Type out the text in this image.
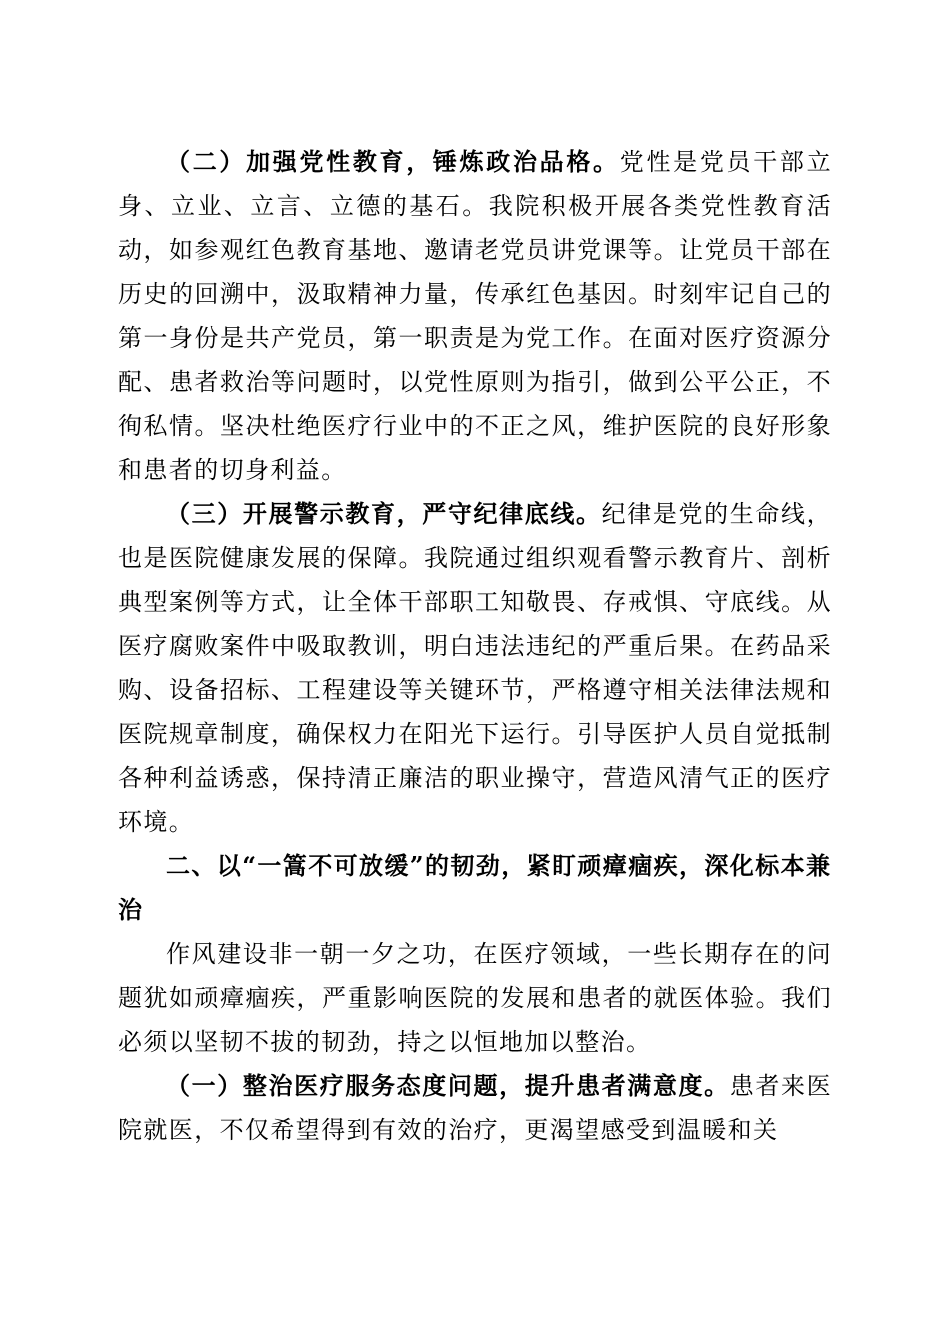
（二）加强党性教育，锤炼政治品格。党性是党员干部立身、立业、立言、立德的基石。我院积极开展各类党性教育活动，如参观红色教育基地、邀请老党员讲党课等。让党员干部在历史的回溯中，汲取精神力量，传承红色基因。时刻牢记自己的第一身份是共产党员，第一职责是为党工作。在面对医疗资源分配、患者救治等问题时，以党性原则为指引，做到公平公正，不徇私情。坚决杜绝医疗行业中的不正之风，维护医院的良好形象和患者的切身利益。

（三）开展警示教育，严守纪律底线。纪律是党的生命线，也是医院健康发展的保障。我院通过组织观看警示教育片、剖析典型案例等方式，让全体干部职工知敬畏、存戒惧、守底线。从医疗腐败案件中吸取教训，明白违法违纪的严重后果。在药品采购、设备招标、工程建设等关键环节，严格遵守相关法律法规和医院规章制度，确保权力在阳光下运行。引导医护人员自觉抵制各种利益诱惑，保持清正廉洁的职业操守，营造风清气正的医疗环境。

二、以“一篙不可放缓”的韧劲，紧盯顽瘴痼疾，深化标本兼治

作风建设非一朝一夕之功，在医疗领域，一些长期存在的问题犹如顽瘴痼疾，严重影响医院的发展和患者的就医体验。我们必须以坚韧不拔的韧劲，持之以恒地加以整治。

（一）整治医疗服务态度问题，提升患者满意度。患者来医院就医，不仅希望得到有效的治疗，更渴望感受到温暖和关
